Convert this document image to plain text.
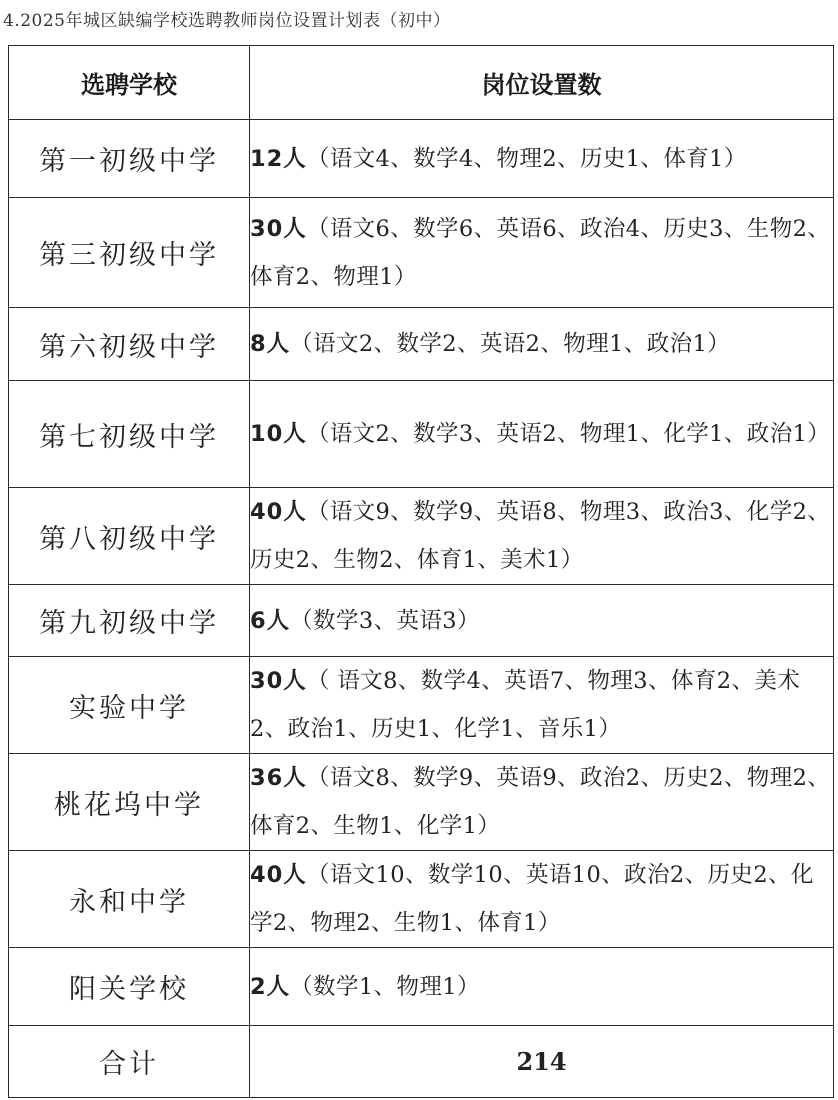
4.2025年城区缺编学校选聘教师岗位设置计划表（初中）
选聘学校	岗位设置数
第一初级中学	12人（语文4、数学4、物理2、历史1、体育1）
第三初级中学	30人（语文6、数学6、英语6、政治4、历史3、生物2、体育2、物理1）
第六初级中学	8人（语文2、数学2、英语2、物理1、政治1）
第七初级中学	10人（语文2、数学3、英语2、物理1、化学1、政治1）
第八初级中学	40人（语文9、数学9、英语8、物理3、政治3、化学2、历史2、生物2、体育1、美术1）
第九初级中学	6人（数学3、英语3）
实验中学	30人（ 语文8、数学4、英语7、物理3、体育2、美术2、政治1、历史1、化学1、音乐1）
桃花坞中学	36人（语文8、数学9、英语9、政治2、历史2、物理2、体育2、生物1、化学1）
永和中学	40人（语文10、数学10、英语10、政治2、历史2、化学2、物理2、生物1、体育1）
阳关学校	2人（数学1、物理1）
合计	214
